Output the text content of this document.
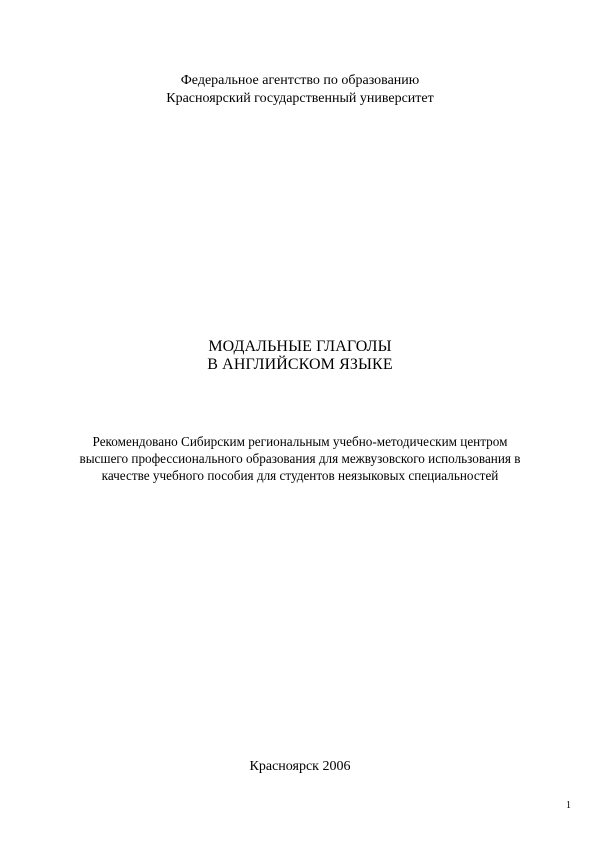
Федеральное агентство по образованию
Красноярский государственный университет
МОДАЛЬНЫЕ ГЛАГОЛЫ
В АНГЛИЙСКОМ ЯЗЫКЕ
Рекомендовано Сибирским региональным учебно-методическим центром
высшего профессионального образования для межвузовского использования в
качестве учебного пособия для студентов неязыковых специальностей
Красноярск 2006
1
